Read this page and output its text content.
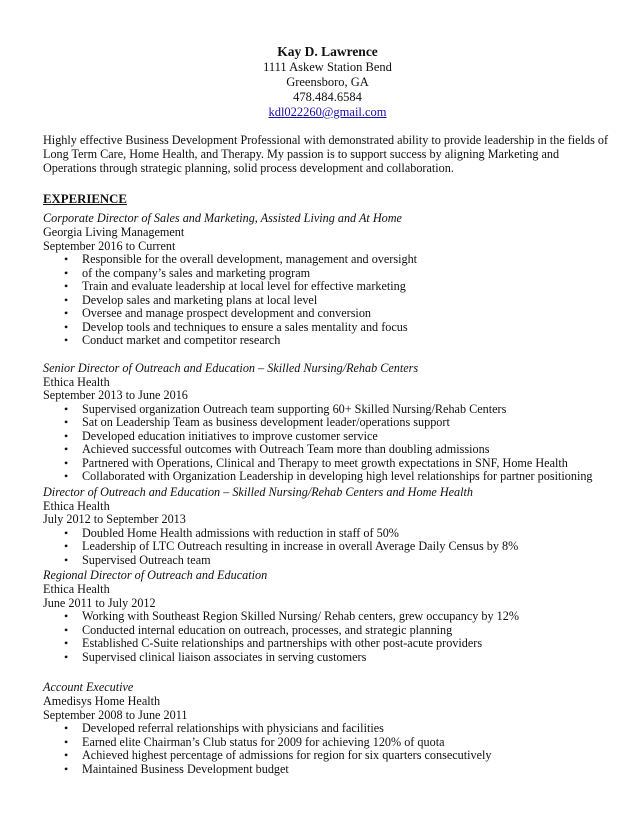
Kay D. Lawrence
1111 Askew Station Bend
Greensboro, GA
478.484.6584
kdl022260@gmail.com
Highly effective Business Development Professional with demonstrated ability to provide leadership in the fields of Long Term Care, Home Health, and Therapy. My passion is to support success by aligning Marketing and Operations through strategic planning, solid process development and collaboration.
EXPERIENCE
Corporate Director of Sales and Marketing, Assisted Living and At Home
Georgia Living Management
September 2016 to Current
• Responsible for the overall development, management and oversight
• of the company’s sales and marketing program
• Train and evaluate leadership at local level for effective marketing
• Develop sales and marketing plans at local level
• Oversee and manage prospect development and conversion
• Develop tools and techniques to ensure a sales mentality and focus
• Conduct market and competitor research
Senior Director of Outreach and Education – Skilled Nursing/Rehab Centers
Ethica Health
September 2013 to June 2016
• Supervised organization Outreach team supporting 60+ Skilled Nursing/Rehab Centers
• Sat on Leadership Team as business development leader/operations support
• Developed education initiatives to improve customer service
• Achieved successful outcomes with Outreach Team more than doubling admissions
• Partnered with Operations, Clinical and Therapy to meet growth expectations in SNF, Home Health
• Collaborated with Organization Leadership in developing high level relationships for partner positioning
Director of Outreach and Education – Skilled Nursing/Rehab Centers and Home Health
Ethica Health
July 2012 to September 2013
• Doubled Home Health admissions with reduction in staff of 50%
• Leadership of LTC Outreach resulting in increase in overall Average Daily Census by 8%
• Supervised Outreach team
Regional Director of Outreach and Education
Ethica Health
June 2011 to July 2012
• Working with Southeast Region Skilled Nursing/ Rehab centers, grew occupancy by 12%
• Conducted internal education on outreach, processes, and strategic planning
• Established C-Suite relationships and partnerships with other post-acute providers
• Supervised clinical liaison associates in serving customers
Account Executive
Amedisys Home Health
September 2008 to June 2011
• Developed referral relationships with physicians and facilities
• Earned elite Chairman’s Club status for 2009 for achieving 120% of quota
• Achieved highest percentage of admissions for region for six quarters consecutively
• Maintained Business Development budget
